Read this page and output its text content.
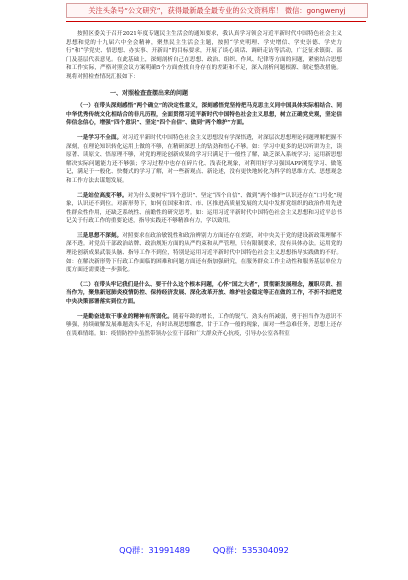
关注头条号“公文研究”，获得最新最全最专业的公文资料库！ 微信：gongwenyj

按照区委关于召开2021年度专题民主生活会的通知要求，我认真学习领会习近平新时代中国特色社会主义思想和党的十九届六中全会精神，聚焦民主生活会主题，按照“学史明理、学史增信、学史崇德、学史力行”和“学党史、悟思想、办实事、开新局”的目标要求，开展了谈心谈话、调研走访等活动，广泛征求镇街、部门及基层代表意见。在此基础上，深刻剖析自己在思想、政治、组织、作风、纪律等方面的问题，紧密结合思想和工作实际，严格对照会议方案明确5个方面查找自身存在的差距和不足，深入剖析问题根源、制定整改措施。现将对照检查情况汇报如下：

一、对照检查查摆出来的问题

（一）在带头深刻感悟“两个确立”的决定性意义，深刻感悟党坚持把马克思主义同中国具体实际相结合、同中华优秀传统文化相结合的非凡历程，全面贯彻习近平新时代中国特色社会主义思想，树立正确党史观，坚定信仰信念信心，增强“四个意识”、坚定“四个自信”、做到“两个维护”方面。

一是学习不全面。对习近平新时代中国特色社会主义思想没有学深悟透，对深层次思想理论问题理解把握不深刻，在理论知识转化运用上做的不够，在精研深思上的钻劲和恒心不够。如：学习中更多的是以听讲为主，读原著、读原文、悟原理不够，对党的理论创新成果的学习只满足于一般性了解，缺乏深入系统学习；运用新思想解决实际问题能力还不够强；学习过程中也存在碎片化、浅表化现象，对利用好学习强国APP浏览学习、做笔记，满足于一般化、快餐式的学习了解，对一些新观点、新论述，没有更快地转化为科学的思维方式、思想观念和工作方法去谋划发展。

二是站位高度不够。对为什么要树牢“四个意识”、坚定“四个自信”、做到“两个维护”认识还存在“口号化”现象，认识还不到位。对新形势下，如何在国家和省、市、区推进高质量发展的大局中发挥党组织的政治作用先进性群众性作用，还缺乏系统性、前瞻性的研究思考。如：运用习近平新时代中国特色社会主义思想和习近平总书记关于行政工作的重要论述，指导实践还不够精准有力，学以致用。

三是思想不深刻。对照要求在政治敏锐性和政治辨别力方面还存在差距，对中央关于党的建设新政策理解不深不透。对党员干部政治站牌、政治规矩方面的从严约束和从严管理，只有限制要求，没有具体办法。运用党的理论创新成果武装头脑、指导工作不到位，特别是运用习近平新时代中国特色社会主义思想指导实践做的不好。如：在解决新形势下行政工作面临的困难和问题方面还有指加强研究，在服务群众工作主动性和服务基层单位力度方面还需要进一步强化。

（二）在带头牢记我们是什么、要干什么这个根本问题，心怀“国之大者”，贯彻新发展理念，履职尽责、担当作为，聚焦新冠肺炎疫情防控、保持经济发展、深化改革开放、维护社会稳定等正在做的工作，不折不扣把党中央决策部署落实到位方面。

一是勤奋进取干事业的精神有所弱化。随着年龄的增长，工作的锐气、劲头有所减弱，勇于担当作为意识不够强，持续破解发展难题劲头不足，有时出现思想懈怠，甘于工作一般的现象，面对一些急难任务，思想上还存在畏难情绪。如：疫情防控中虽然带领办公室干部和广大群众齐心抗疫，引导办公室各科室

QQ群：31991489	QQ群：535304092
